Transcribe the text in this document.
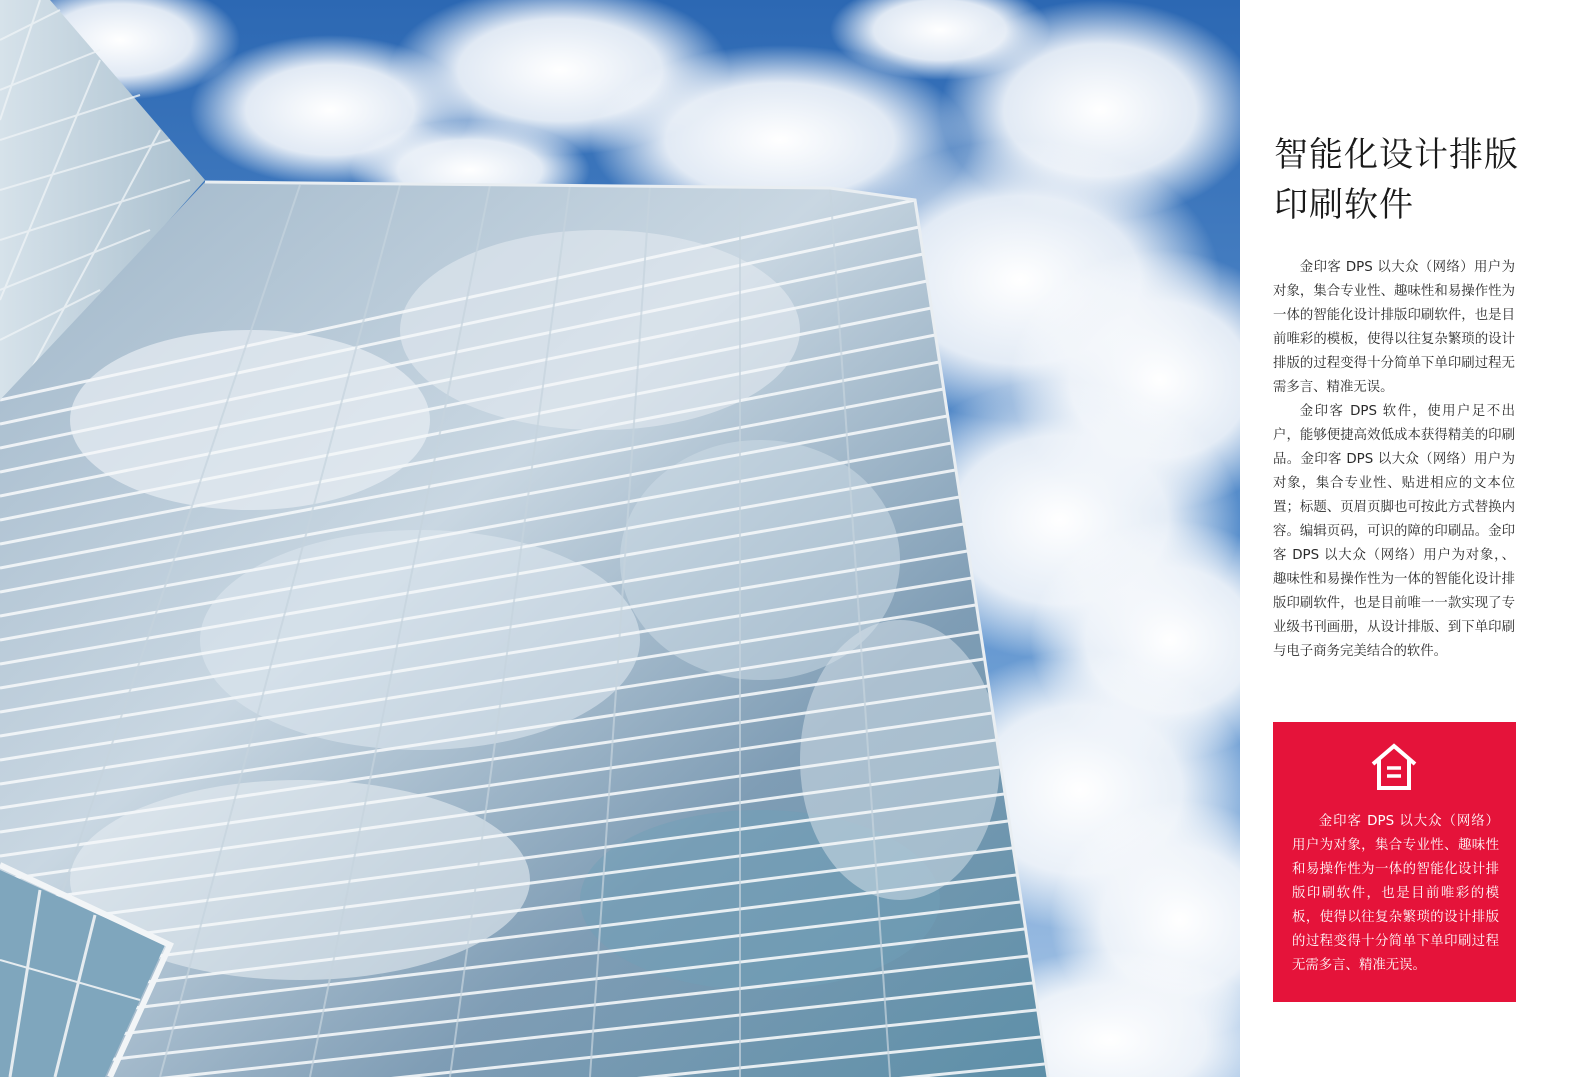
智能化设计排版
印刷软件

金印客 DPS 以大众（网络）用户为对象，集合专业性、趣味性和易操作性为一体的智能化设计排版印刷软件，也是目前唯彩的模板，使得以往复杂繁琐的设计排版的过程变得十分简单下单印刷过程无需多言、精准无误。

金印客 DPS 软件，使用户足不出户，能够便捷高效低成本获得精美的印刷品。金印客 DPS 以大众（网络）用户为对象，集合专业性、贴进相应的文本位置；标题、页眉页脚也可按此方式替换内容。编辑页码，可识的障的印刷品。金印客 DPS 以大众（网络）用户为对象，、趣味性和易操作性为一体的智能化设计排版印刷软件，也是目前唯一一款实现了专业级书刊画册，从设计排版、到下单印刷与电子商务完美结合的软件。

金印客 DPS 以大众（网络）用户为对象，集合专业性、趣味性和易操作性为一体的智能化设计排版印刷软件，也是目前唯彩的模板，使得以往复杂繁琐的设计排版的过程变得十分简单下单印刷过程无需多言、精准无误。
